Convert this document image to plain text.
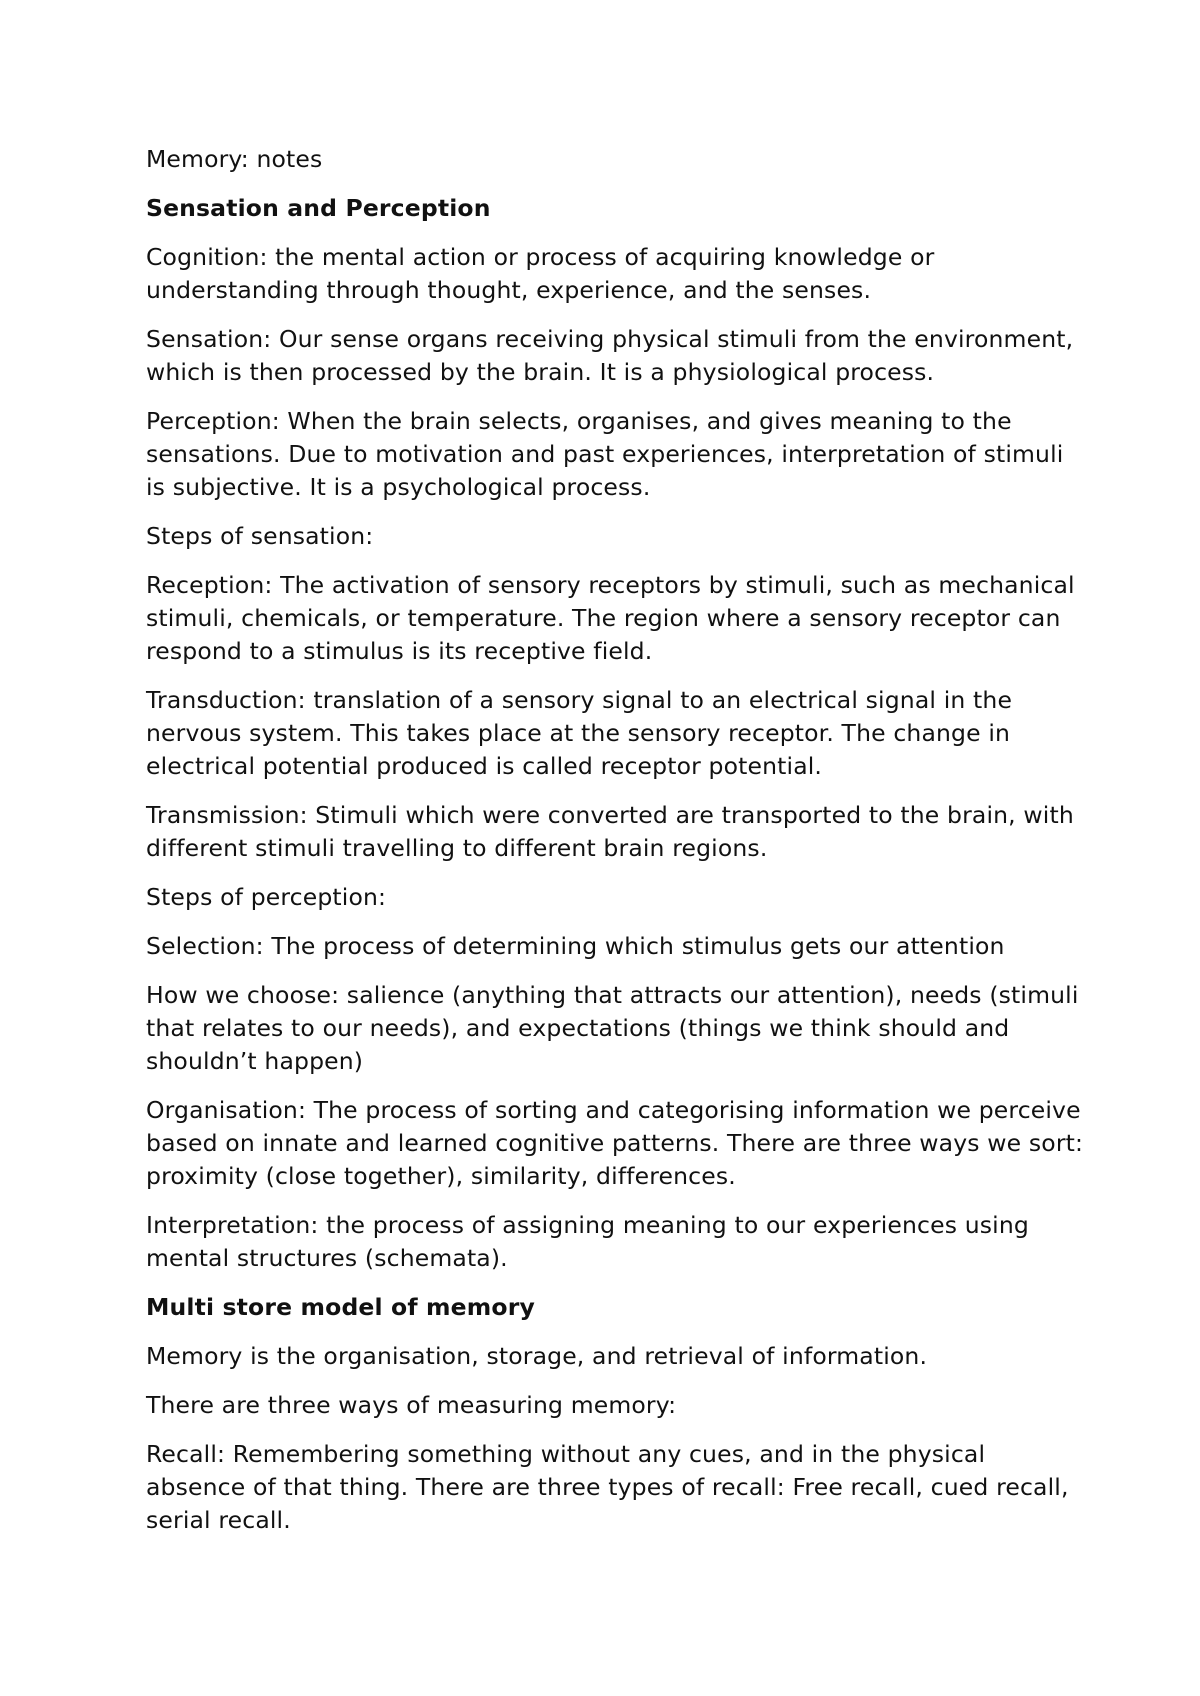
Memory: notes

Sensation and Perception

Cognition: the mental action or process of acquiring knowledge or understanding through thought, experience, and the senses.

Sensation: Our sense organs receiving physical stimuli from the environment, which is then processed by the brain. It is a physiological process.

Perception: When the brain selects, organises, and gives meaning to the sensations. Due to motivation and past experiences, interpretation of stimuli is subjective. It is a psychological process.

Steps of sensation:

Reception: The activation of sensory receptors by stimuli, such as mechanical stimuli, chemicals, or temperature. The region where a sensory receptor can respond to a stimulus is its receptive field.

Transduction: translation of a sensory signal to an electrical signal in the nervous system. This takes place at the sensory receptor. The change in electrical potential produced is called receptor potential.

Transmission: Stimuli which were converted are transported to the brain, with different stimuli travelling to different brain regions.

Steps of perception:

Selection: The process of determining which stimulus gets our attention

How we choose: salience (anything that attracts our attention), needs (stimuli that relates to our needs), and expectations (things we think should and shouldn’t happen)

Organisation: The process of sorting and categorising information we perceive based on innate and learned cognitive patterns. There are three ways we sort: proximity (close together), similarity, differences.

Interpretation: the process of assigning meaning to our experiences using mental structures (schemata).

Multi store model of memory

Memory is the organisation, storage, and retrieval of information.

There are three ways of measuring memory:

Recall: Remembering something without any cues, and in the physical absence of that thing. There are three types of recall: Free recall, cued recall, serial recall.
